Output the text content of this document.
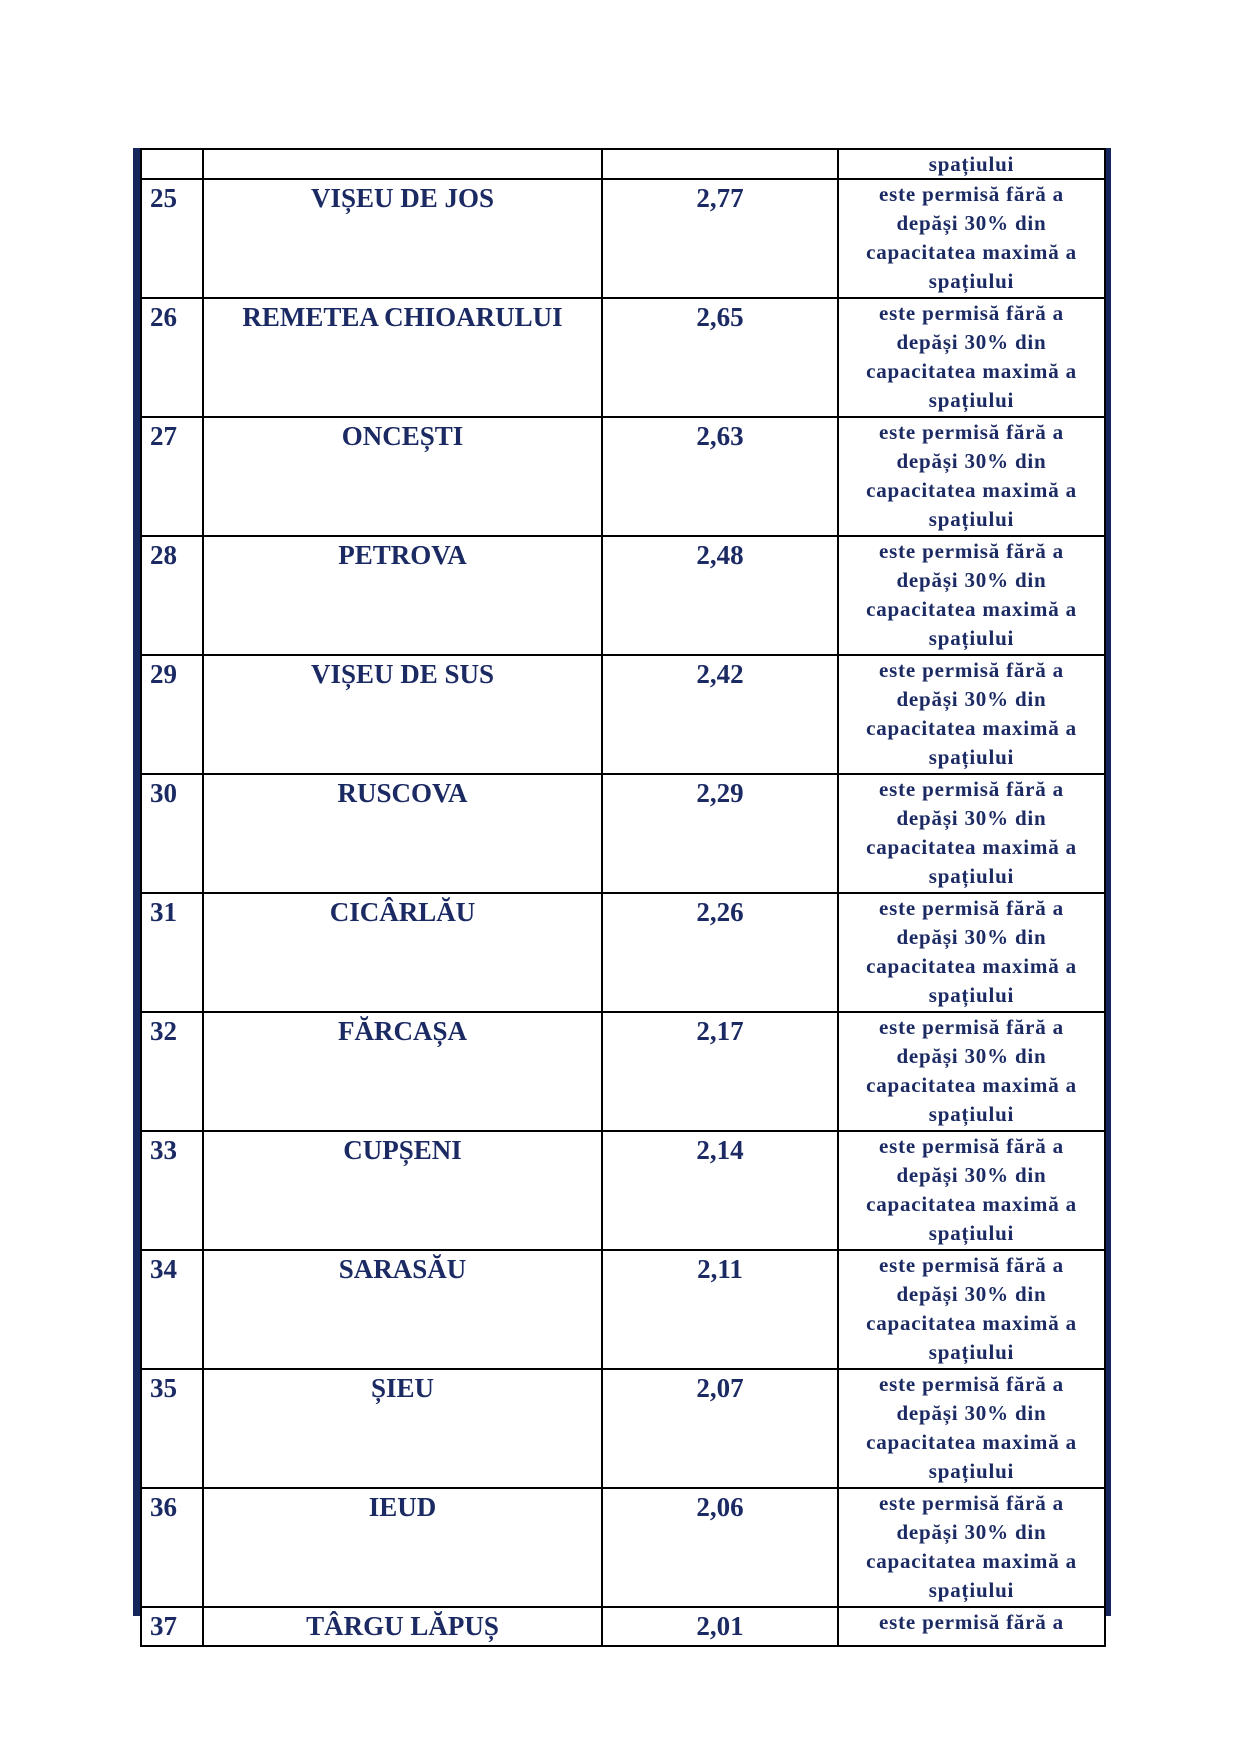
			spațiului
25	VIȘEU DE JOS	2,77	este permisă fără a
depăși 30% din
capacitatea maximă a
spațiului

26	REMETEA CHIOARULUI	2,65	este permisă fără a
depăși 30% din
capacitatea maximă a
spațiului

27	ONCEȘTI	2,63	este permisă fără a
depăși 30% din
capacitatea maximă a
spațiului

28	PETROVA	2,48	este permisă fără a
depăși 30% din
capacitatea maximă a
spațiului

29	VIȘEU DE SUS	2,42	este permisă fără a
depăși 30% din
capacitatea maximă a
spațiului

30	RUSCOVA	2,29	este permisă fără a
depăși 30% din
capacitatea maximă a
spațiului

31	CICÂRLĂU	2,26	este permisă fără a
depăși 30% din
capacitatea maximă a
spațiului

32	FĂRCAȘA	2,17	este permisă fără a
depăși 30% din
capacitatea maximă a
spațiului

33	CUPȘENI	2,14	este permisă fără a
depăși 30% din
capacitatea maximă a
spațiului

34	SARASĂU	2,11	este permisă fără a
depăși 30% din
capacitatea maximă a
spațiului

35	ȘIEU	2,07	este permisă fără a
depăși 30% din
capacitatea maximă a
spațiului

36	IEUD	2,06	este permisă fără a
depăși 30% din
capacitatea maximă a
spațiului

37	TÂRGU LĂPUȘ	2,01	este permisă fără a
